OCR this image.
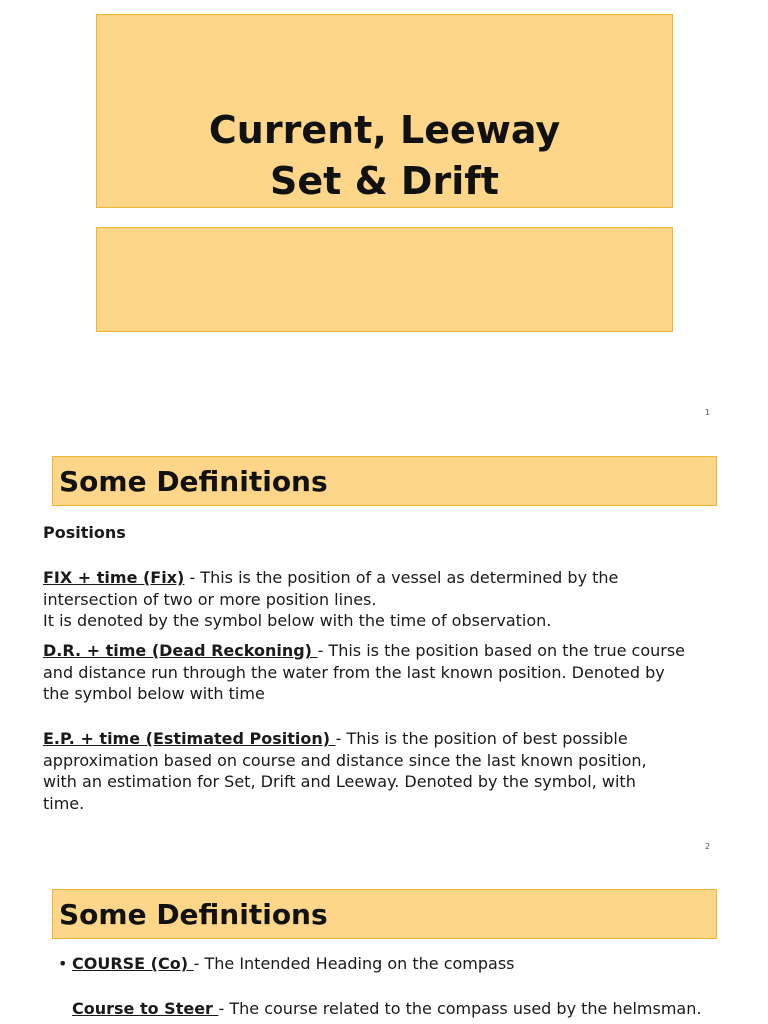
Current, Leeway
Set & Drift
1
Some Definitions
Positions
FIX + time (Fix) - This is the position of a vessel as determined by the
intersection of two or more position lines.
It is denoted by the symbol below with the time of observation.
D.R. + time (Dead Reckoning) - This is the position based on the true course
and distance run through the water from the last known position. Denoted by
the symbol below with time
E.P. + time (Estimated Position) - This is the position of best possible
approximation based on course and distance since the last known position,
with an estimation for Set, Drift and Leeway. Denoted by the symbol, with
time.
2
Some Definitions
• COURSE (Co) - The Intended Heading on the compass
Course to Steer - The course related to the compass used by the helmsman.
